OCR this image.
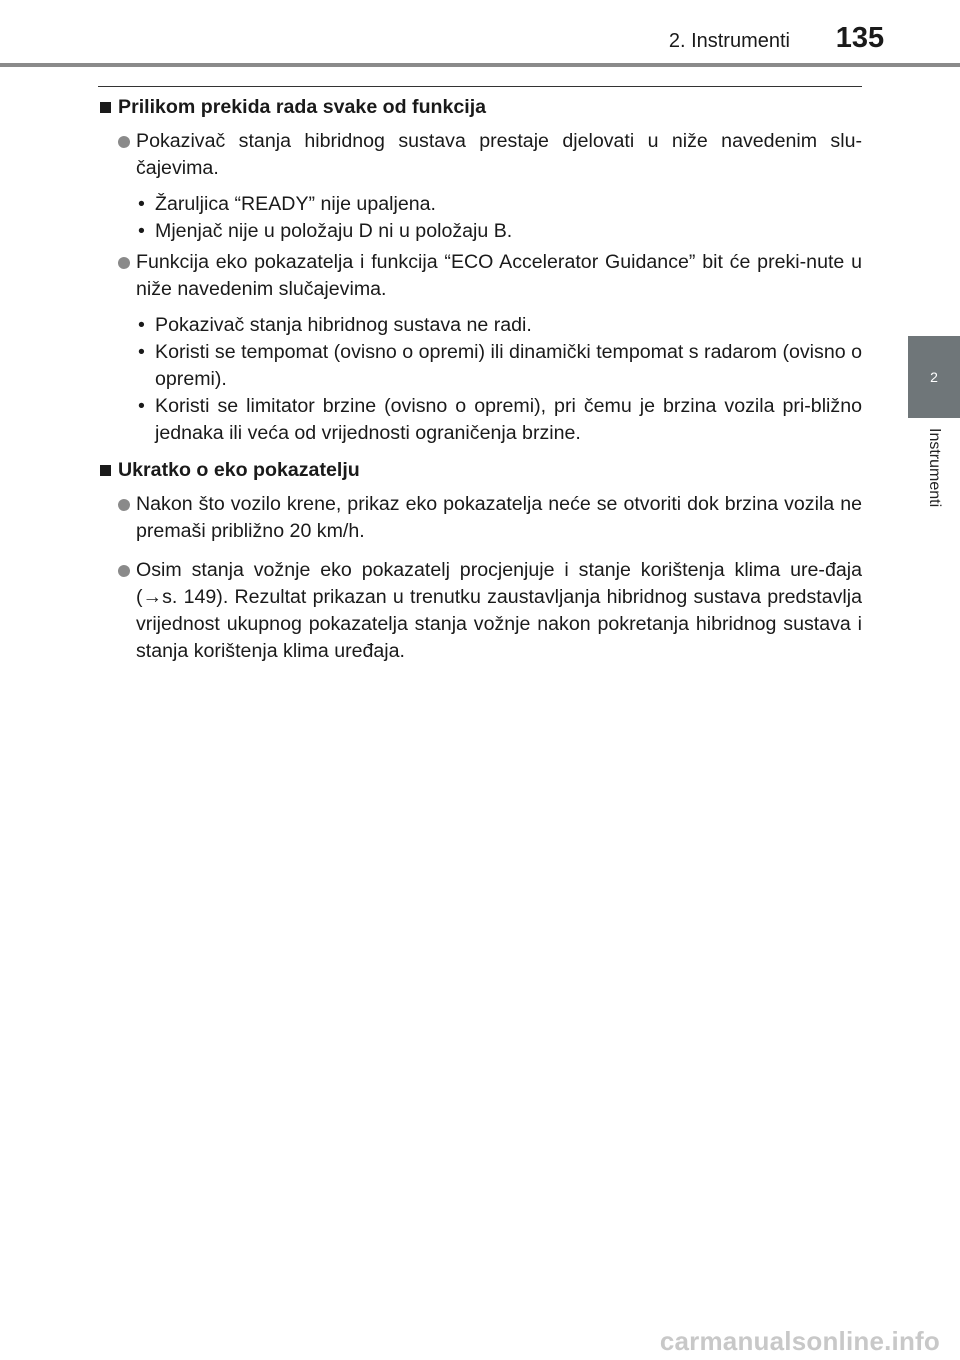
2. Instrumenti	135
2
Instrumenti
Prilikom prekida rada svake od funkcija
Pokazivač stanja hibridnog sustava prestaje djelovati u niže navedenim slu-čajevima.
• Žaruljica “READY” nije upaljena.
• Mjenjač nije u položaju D ni u položaju B.
Funkcija eko pokazatelja i funkcija “ECO Accelerator Guidance” bit će preki-nute u niže navedenim slučajevima.
• Pokazivač stanja hibridnog sustava ne radi.
• Koristi se tempomat (ovisno o opremi) ili dinamički tempomat s radarom (ovisno o opremi).
• Koristi se limitator brzine (ovisno o opremi), pri čemu je brzina vozila pri-bližno jednaka ili veća od vrijednosti ograničenja brzine.
Ukratko o eko pokazatelju
Nakon što vozilo krene, prikaz eko pokazatelja neće se otvoriti dok brzina vozila ne premaši približno 20 km/h.
Osim stanja vožnje eko pokazatelj procjenjuje i stanje korištenja klima ure-đaja (→s. 149). Rezultat prikazan u trenutku zaustavljanja hibridnog sustava predstavlja vrijednost ukupnog pokazatelja stanja vožnje nakon pokretanja hibridnog sustava i stanja korištenja klima uređaja.
carmanualsonline.info
